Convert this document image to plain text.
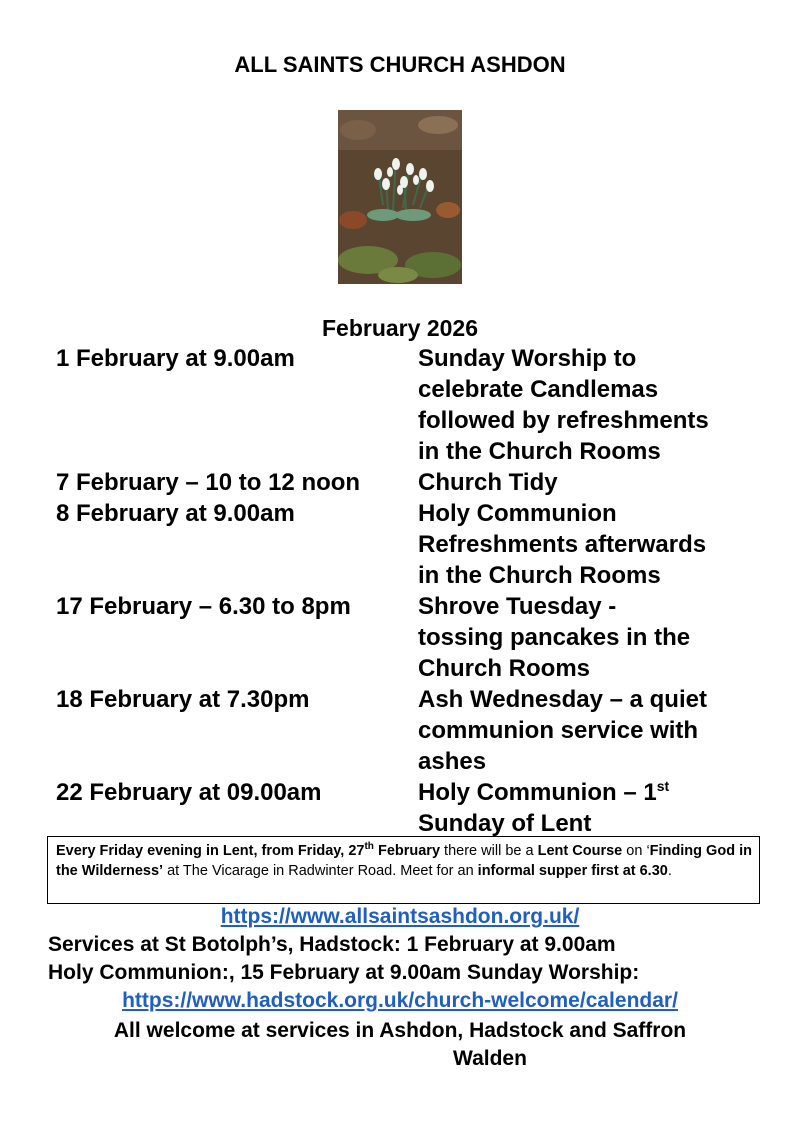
ALL SAINTS CHURCH ASHDON
February 2026
1 February at 9.00am	Sunday Worship to
celebrate Candlemas
followed by refreshments
in the Church Rooms
7 February – 10 to 12 noon	Church Tidy
8 February at 9.00am	Holy Communion
Refreshments afterwards
in the Church Rooms
17 February – 6.30 to 8pm	Shrove Tuesday -
tossing pancakes in the
Church Rooms
18 February at 7.30pm	Ash Wednesday – a quiet
communion service with
ashes
22 February at 09.00am	Holy Communion – 1st
Sunday of Lent
Every Friday evening in Lent, from Friday, 27th February there will be a Lent Course on ‘Finding God in the Wilderness’ at The Vicarage in Radwinter Road. Meet for an informal supper first at 6.30.
https://www.allsaintsashdon.org.uk/
Services at St Botolph’s, Hadstock: 1 February at 9.00am
Holy Communion:, 15 February at 9.00am Sunday Worship:
https://www.hadstock.org.uk/church-welcome/calendar/
All welcome at services in Ashdon, Hadstock and Saffron
Walden
